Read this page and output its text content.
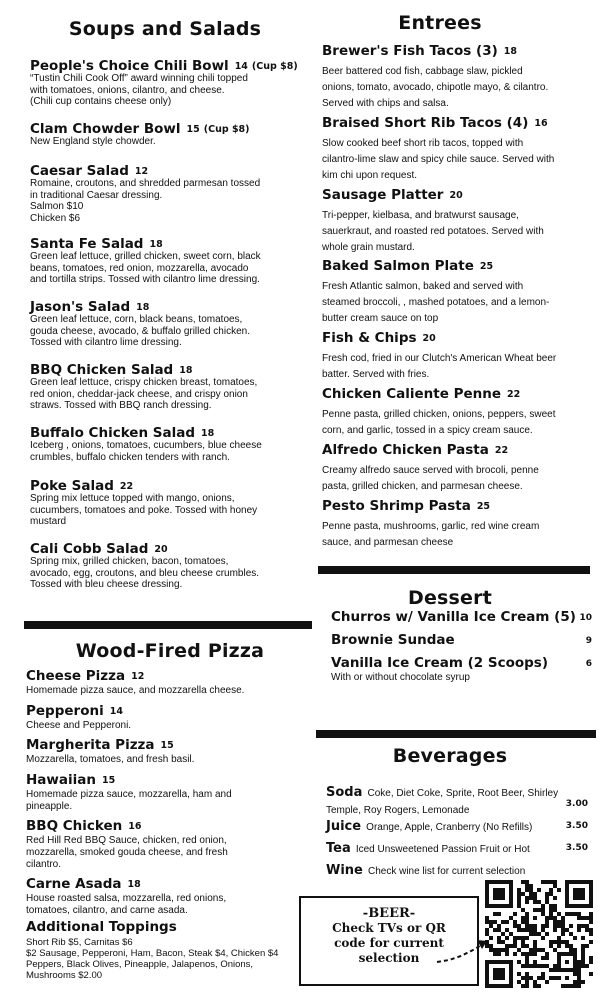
Soups and Salads
People's Choice Chili Bowl 14 (Cup $8)
“Tustin Chili Cook Off” award winning chili topped
with tomatoes, onions, cilantro, and cheese.
(Chili cup contains cheese only)
Clam Chowder Bowl 15 (Cup $8)
New England style chowder.
Caesar Salad 12
Romaine, croutons, and shredded parmesan tossed
in traditional Caesar dressing.
Salmon $10
Chicken $6
Santa Fe Salad 18
Green leaf lettuce, grilled chicken, sweet corn, black
beans, tomatoes, red onion, mozzarella, avocado
and tortilla strips. Tossed with cilantro lime dressing.
Jason's Salad 18
Green leaf lettuce, corn, black beans, tomatoes,
gouda cheese, avocado, & buffalo grilled chicken.
Tossed with cilantro lime dressing.
BBQ Chicken Salad 18
Green leaf lettuce, crispy chicken breast, tomatoes,
red onion, cheddar-jack cheese, and crispy onion
straws. Tossed with BBQ ranch dressing.
Buffalo Chicken Salad 18
Iceberg , onions, tomatoes, cucumbers, blue cheese
crumbles, buffalo chicken tenders with ranch.
Poke Salad 22
Spring mix lettuce topped with mango, onions,
cucumbers, tomatoes and poke. Tossed with honey
mustard
Cali Cobb Salad 20
Spring mix, grilled chicken, bacon, tomatoes,
avocado, egg, croutons, and bleu cheese crumbles.
Tossed with bleu cheese dressing.
Entrees
Brewer's Fish Tacos (3) 18
Beer battered cod fish, cabbage slaw, pickled
onions, tomato, avocado, chipotle mayo, & cilantro.
Served with chips and salsa.
Braised Short Rib Tacos (4) 16
Slow cooked beef short rib tacos, topped with
cilantro-lime slaw and spicy chile sauce. Served with
kim chi upon request.
Sausage Platter 20
Tri-pepper, kielbasa, and bratwurst sausage,
sauerkraut, and roasted red potatoes. Served with
whole grain mustard.
Baked Salmon Plate 25
Fresh Atlantic salmon, baked and served with
steamed broccoli, , mashed potatoes, and a lemon-
butter cream sauce on top
Fish & Chips 20
Fresh cod, fried in our Clutch's American Wheat beer
batter. Served with fries.
Chicken Caliente Penne 22
Penne pasta, grilled chicken, onions, peppers, sweet
corn, and garlic, tossed in a spicy cream sauce.
Alfredo Chicken Pasta 22
Creamy alfredo sauce served with brocoli, penne
pasta, grilled chicken, and parmesan cheese.
Pesto Shrimp Pasta 25
Penne pasta, mushrooms, garlic, red wine cream
sauce, and parmesan cheese
Dessert
Churros w/ Vanilla Ice Cream (5) 10
Brownie Sundae	9
Vanilla Ice Cream (2 Scoops)	6
With or without chocolate syrup
Wood-Fired Pizza
Cheese Pizza 12
Homemade pizza sauce, and mozzarella cheese.
Pepperoni 14
Cheese and Pepperoni.
Margherita Pizza 15
Mozzarella, tomatoes, and fresh basil.
Hawaiian 15
Homemade pizza sauce, mozzarella, ham and
pineapple.
BBQ Chicken 16
Red Hill Red BBQ Sauce, chicken, red onion,
mozzarella, smoked gouda cheese, and fresh
cilantro.
Carne Asada 18
House roasted salsa, mozzarella, red onions,
tomatoes, cilantro, and carne asada.
Additional Toppings
Short Rib $5, Carnitas $6
$2 Sausage, Pepperoni, Ham, Bacon, Steak $4, Chicken $4
Peppers, Black Olives, Pineapple, Jalapenos, Onions,
Mushrooms $2.00
Beverages
Soda Coke, Diet Coke, Sprite, Root Beer, Shirley
Temple, Roy Rogers, Lemonade
3.00
Juice Orange, Apple, Cranberry (No Refills)	3.50
Tea Iced Unsweetened Passion Fruit or Hot	3.50
Wine Check wine list for current selection
-BEER-
Check TVs or QR
code for current
selection
